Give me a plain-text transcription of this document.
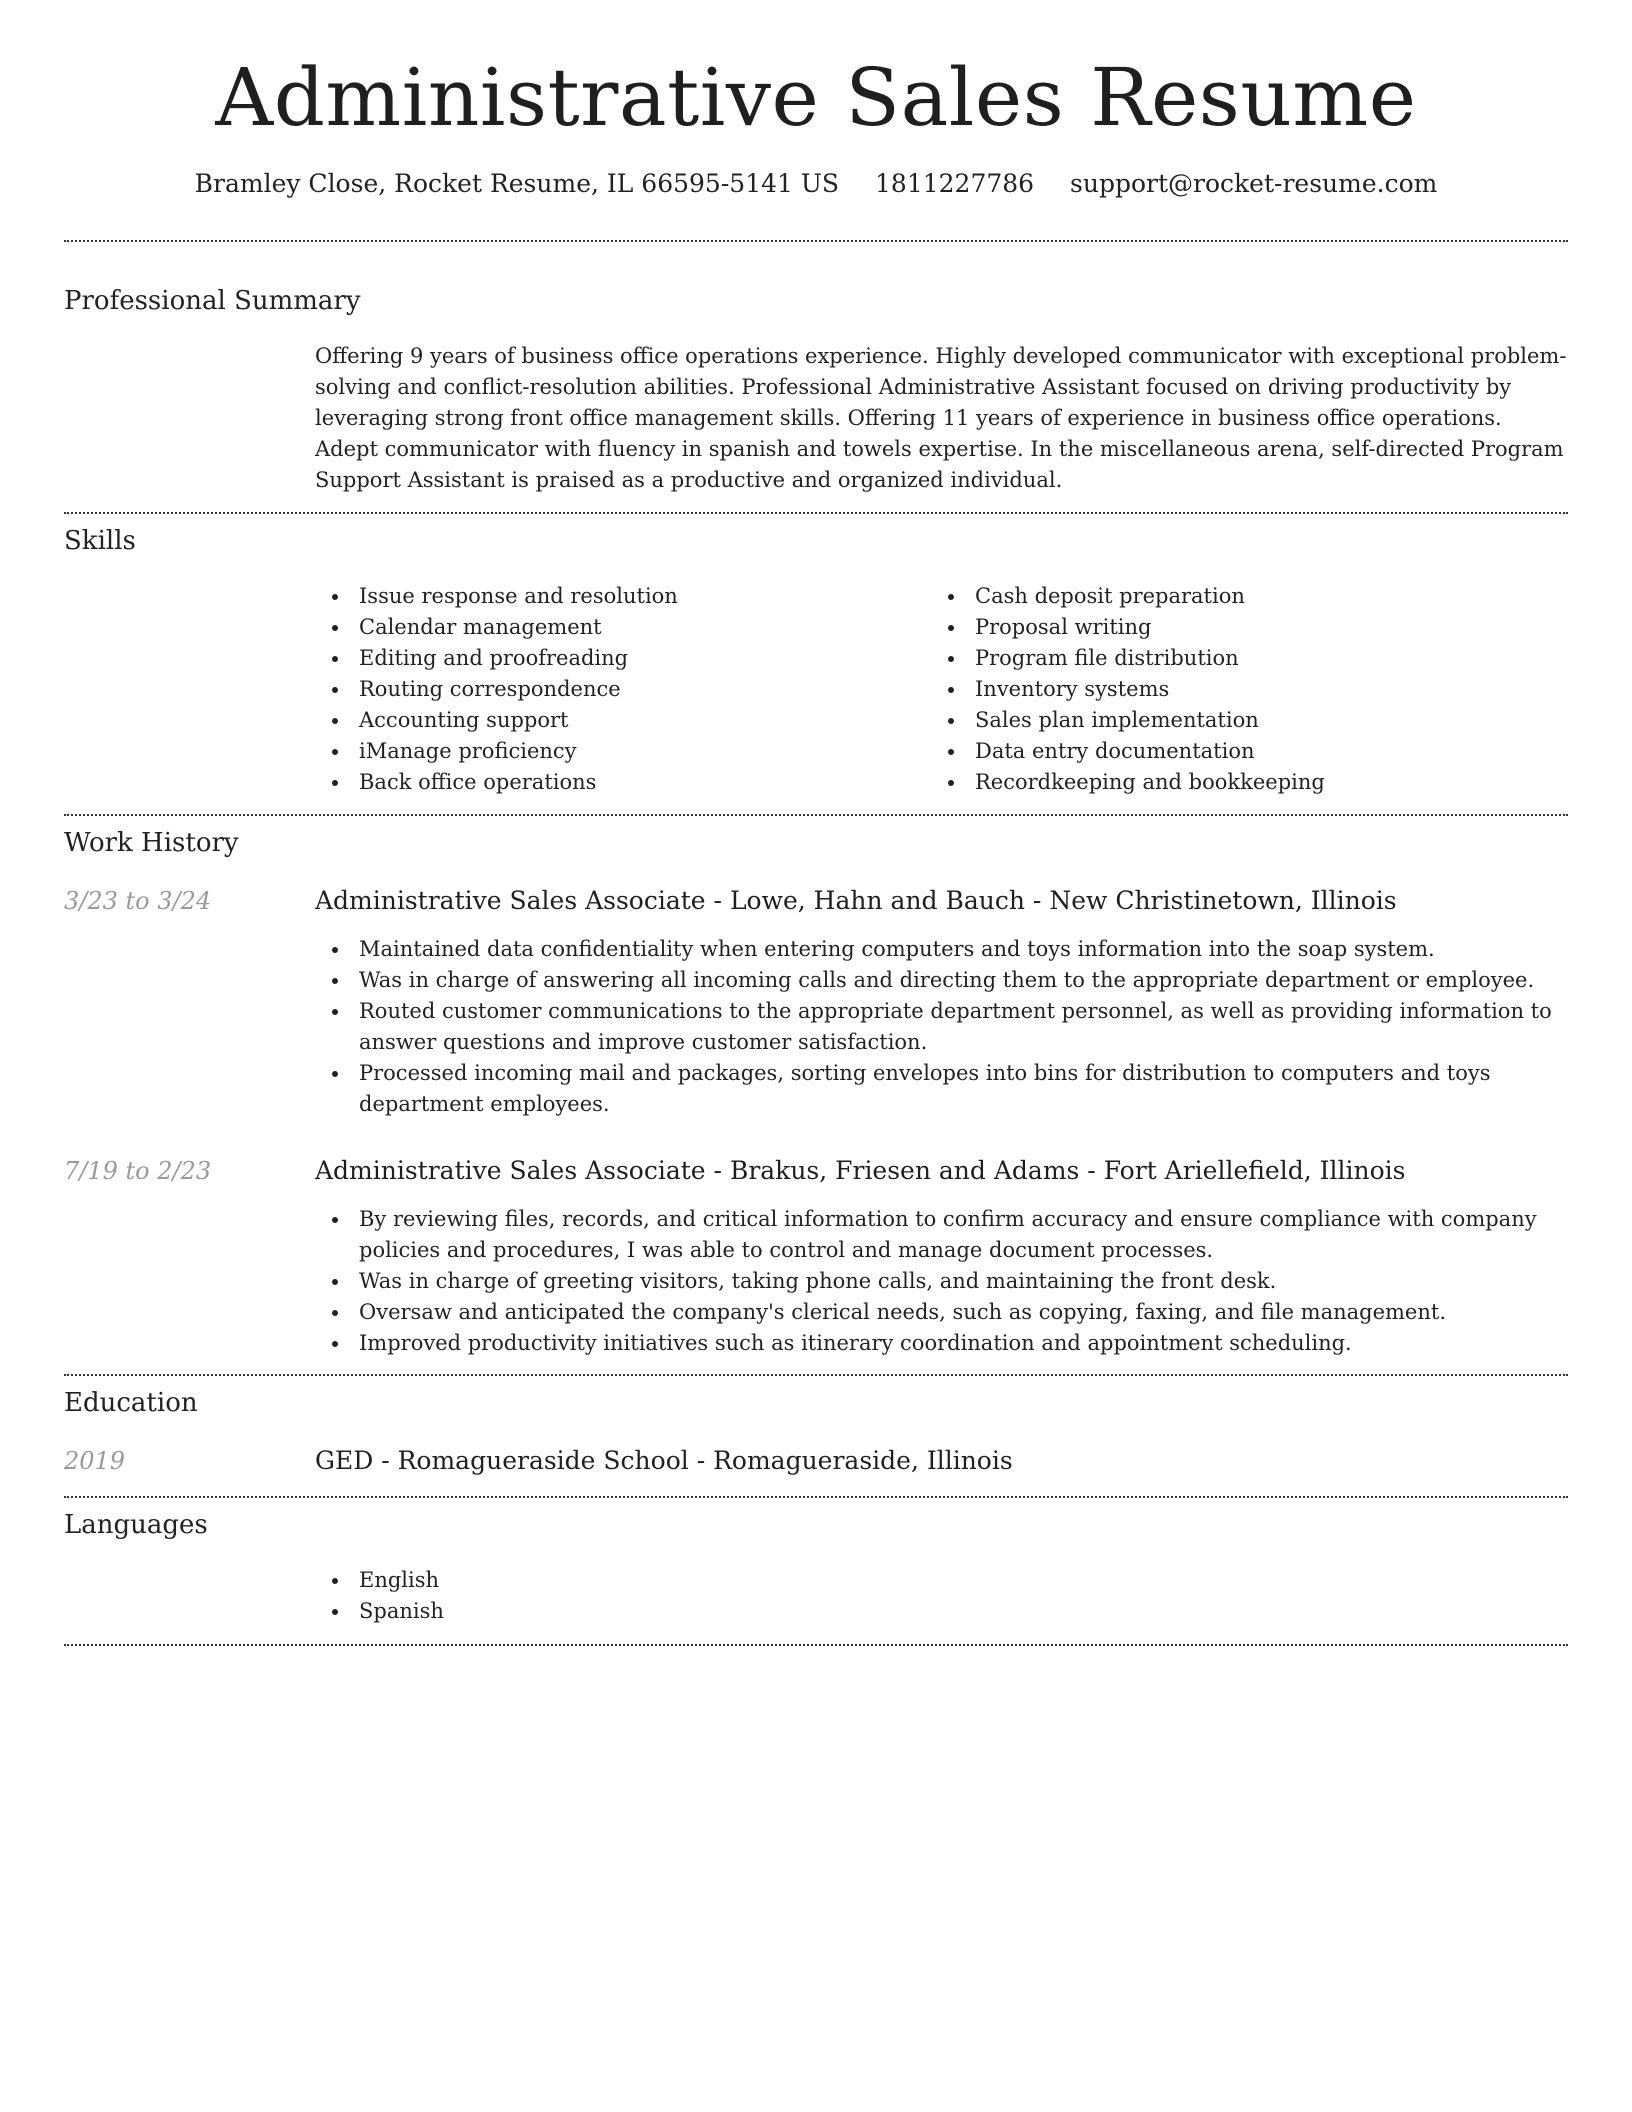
Administrative Sales Resume
Bramley Close, Rocket Resume, IL 66595-5141 US 1811227786 support@rocket-resume.com
Professional Summary

Offering 9 years of business office operations experience. Highly developed communicator with exceptional problem-solving and conflict-resolution abilities. Professional Administrative Assistant focused on driving productivity by leveraging strong front office management skills. Offering 11 years of experience in business office operations. Adept communicator with fluency in spanish and towels expertise. In the miscellaneous arena, self-directed Program Support Assistant is praised as a productive and organized individual.

Skills
Issue response and resolution
Calendar management
Editing and proofreading
Routing correspondence
Accounting support
iManage proficiency
Back office operations
Cash deposit preparation
Proposal writing
Program file distribution
Inventory systems
Sales plan implementation
Data entry documentation
Recordkeeping and bookkeeping
Work History
3/23 to 3/24	Administrative Sales Associate - Lowe, Hahn and Bauch - New Christinetown, Illinois
Maintained data confidentiality when entering computers and toys information into the soap system.
Was in charge of answering all incoming calls and directing them to the appropriate department or employee.
Routed customer communications to the appropriate department personnel, as well as providing information to answer questions and improve customer satisfaction.
Processed incoming mail and packages, sorting envelopes into bins for distribution to computers and toys department employees.
7/19 to 2/23	Administrative Sales Associate - Brakus, Friesen and Adams - Fort Ariellefield, Illinois
By reviewing files, records, and critical information to confirm accuracy and ensure compliance with company policies and procedures, I was able to control and manage document processes.
Was in charge of greeting visitors, taking phone calls, and maintaining the front desk.
Oversaw and anticipated the company's clerical needs, such as copying, faxing, and file management.
Improved productivity initiatives such as itinerary coordination and appointment scheduling.
Education
2019	GED - Romagueraside School - Romagueraside, Illinois
Languages
English
Spanish
